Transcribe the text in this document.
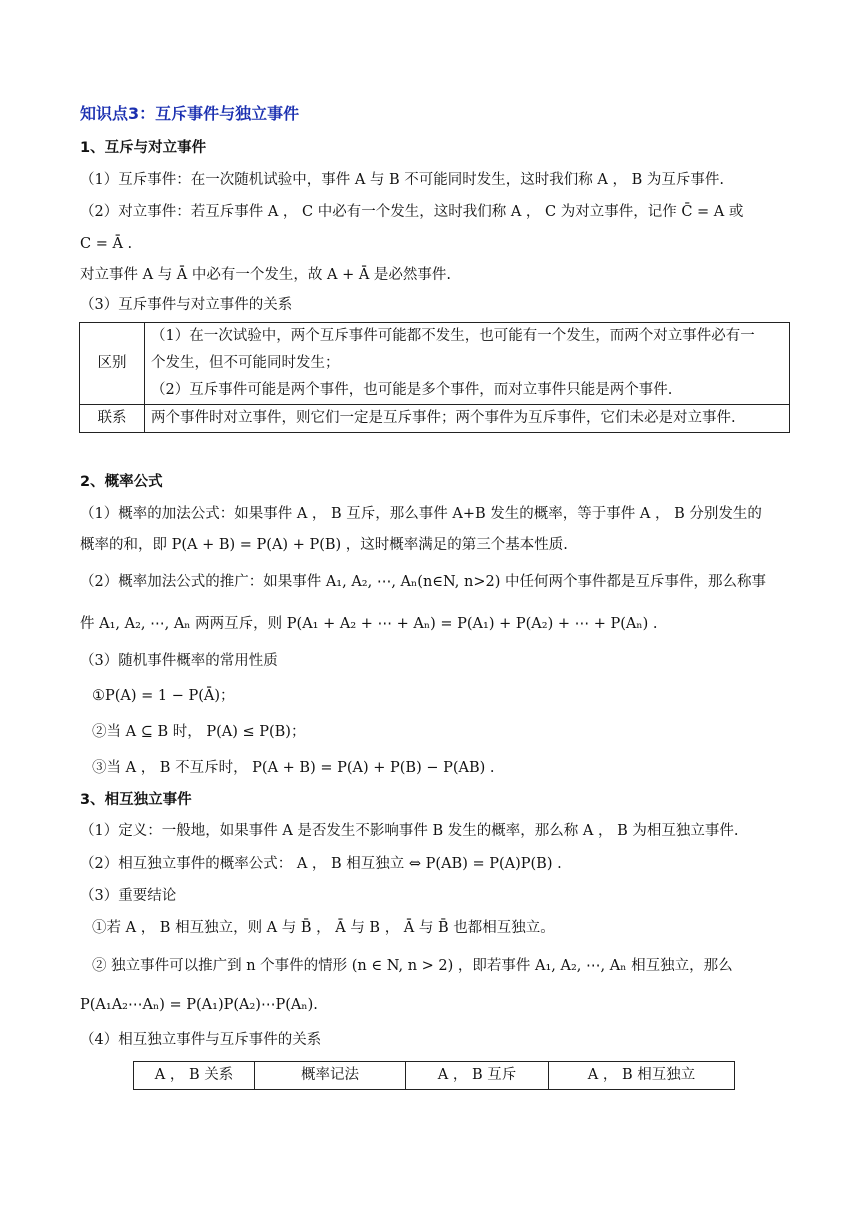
知识点3：互斥事件与独立事件
1、互斥与对立事件
（1）互斥事件：在一次随机试验中，事件 A 与 B 不可能同时发生，这时我们称 A ， B 为互斥事件.
（2）对立事件：若互斥事件 A ， C 中必有一个发生，这时我们称 A ， C 为对立事件，记作 C̄ = A 或
C = Ā .
对立事件 A 与 Ā 中必有一个发生，故 A + Ā 是必然事件.
（3）互斥事件与对立事件的关系
区别	（1）在一次试验中，两个互斥事件可能都不发生，也可能有一个发生，而两个对立事件必有一
个发生，但不可能同时发生；
（2）互斥事件可能是两个事件，也可能是多个事件，而对立事件只能是两个事件.

联系	两个事件时对立事件，则它们一定是互斥事件；两个事件为互斥事件，它们未必是对立事件.
2、概率公式
（1）概率的加法公式：如果事件 A ， B 互斥，那么事件 A+B 发生的概率，等于事件 A ， B 分别发生的
概率的和，即 P(A + B) = P(A) + P(B) ，这时概率满足的第三个基本性质.
（2）概率加法公式的推广：如果事件 A₁, A₂, ⋯, Aₙ(n∈N, n>2) 中任何两个事件都是互斥事件，那么称事
件 A₁, A₂, ⋯, Aₙ 两两互斥，则 P(A₁ + A₂ + ⋯ + Aₙ) = P(A₁) + P(A₂) + ⋯ + P(Aₙ) .
（3）随机事件概率的常用性质
①P(A) = 1 − P(Ā)；
②当 A ⊆ B 时， P(A) ≤ P(B)；
③当 A ， B 不互斥时， P(A + B) = P(A) + P(B) − P(AB) .
3、相互独立事件
（1）定义：一般地，如果事件 A 是否发生不影响事件 B 发生的概率，那么称 A ， B 为相互独立事件.
（2）相互独立事件的概率公式： A ， B 相互独立 ⇔ P(AB) = P(A)P(B) .
（3）重要结论
①若 A ， B 相互独立，则 A 与 B̄ ， Ā 与 B ， Ā 与 B̄ 也都相互独立。
② 独立事件可以推广到 n 个事件的情形 (n ∈ N, n > 2) ，即若事件 A₁, A₂, ⋯, Aₙ 相互独立，那么
P(A₁A₂⋯Aₙ) = P(A₁)P(A₂)⋯P(Aₙ).
（4）相互独立事件与互斥事件的关系
A ， B 关系	概率记法	A ， B 互斥	A ， B 相互独立
